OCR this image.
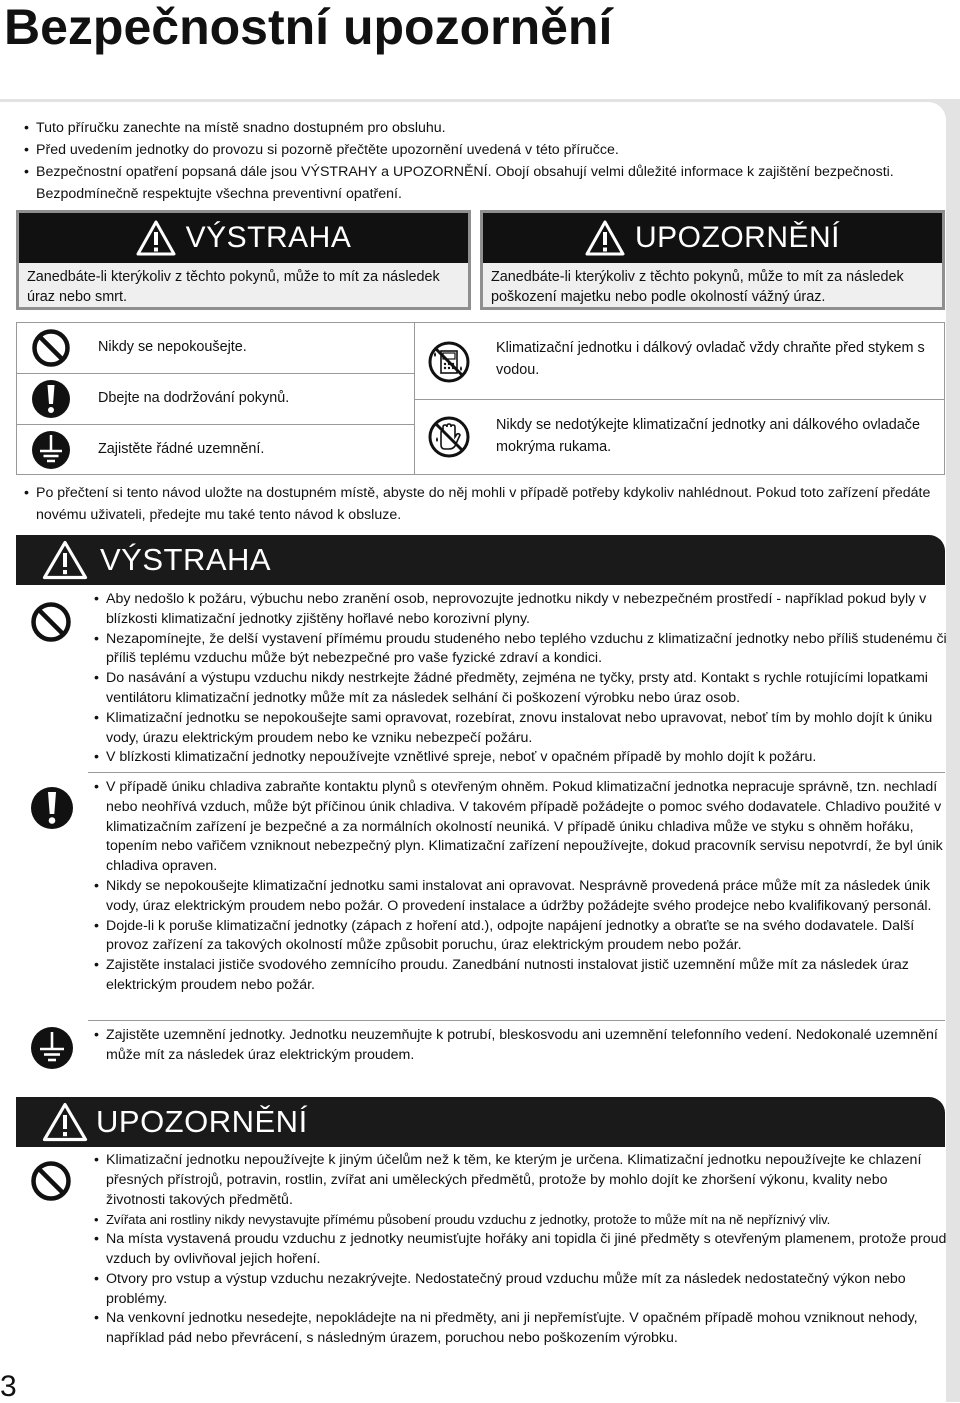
Bezpečnostní upozornění
• Tuto příručku zanechte na místě snadno dostupném pro obsluhu.
• Před uvedením jednotky do provozu si pozorně přečtěte upozornění uvedená v této příručce.
• Bezpečnostní opatření popsaná dále jsou VÝSTRAHY a UPOZORNĚNÍ. Obojí obsahují velmi důležité informace k zajištění bezpečnosti. Bezpodmínečně respektujte všechna preventivní opatření.
VÝSTRAHA
Zanedbáte-li kterýkoliv z těchto pokynů, může to mít za následek úraz nebo smrt.
UPOZORNĚNÍ
Zanedbáte-li kterýkoliv z těchto pokynů, může to mít za následek poškození majetku nebo podle okolností vážný úraz.
Nikdy se nepokoušejte.
Dbejte na dodržování pokynů.
Zajistěte řádné uzemnění.
Klimatizační jednotku i dálkový ovladač vždy chraňte před stykem s vodou.
Nikdy se nedotýkejte klimatizační jednotky ani dálkového ovladače mokrýma rukama.
• Po přečtení si tento návod uložte na dostupném místě, abyste do něj mohli v případě potřeby kdykoliv nahlédnout. Pokud toto zařízení předáte novému uživateli, předejte mu také tento návod k obsluze.
VÝSTRAHA
• Aby nedošlo k požáru, výbuchu nebo zranění osob, neprovozujte jednotku nikdy v nebezpečném prostředí - například pokud byly v blízkosti klimatizační jednotky zjištěny hořlavé nebo korozivní plyny.
• Nezapomínejte, že delší vystavení přímému proudu studeného nebo teplého vzduchu z klimatizační jednotky nebo příliš studenému či příliš teplému vzduchu může být nebezpečné pro vaše fyzické zdraví a kondici.
• Do nasávání a výstupu vzduchu nikdy nestrkejte žádné předměty, zejména ne tyčky, prsty atd. Kontakt s rychle rotujícími lopatkami ventilátoru klimatizační jednotky může mít za následek selhání či poškození výrobku nebo úraz osob.
• Klimatizační jednotku se nepokoušejte sami opravovat, rozebírat, znovu instalovat nebo upravovat, neboť tím by mohlo dojít k úniku vody, úrazu elektrickým proudem nebo ke vzniku nebezpečí požáru.
• V blízkosti klimatizační jednotky nepoužívejte vznětlivé spreje, neboť v opačném případě by mohlo dojít k požáru.
• V případě úniku chladiva zabraňte kontaktu plynů s otevřeným ohněm. Pokud klimatizační jednotka nepracuje správně, tzn. nechladí nebo neohřívá vzduch, může být příčinou únik chladiva. V takovém případě požádejte o pomoc svého dodavatele. Chladivo použité v klimatizačním zařízení je bezpečné a za normálních okolností neuniká. V případě úniku chladiva může ve styku s ohněm hořáku, topením nebo vařičem vzniknout nebezpečný plyn. Klimatizační zařízení nepoužívejte, dokud pracovník servisu nepotvrdí, že byl únik chladiva opraven.
• Nikdy se nepokoušejte klimatizační jednotku sami instalovat ani opravovat. Nesprávně provedená práce může mít za následek únik vody, úraz elektrickým proudem nebo požár. O provedení instalace a údržby požádejte svého prodejce nebo kvalifikovaný personál.
• Dojde-li k poruše klimatizační jednotky (zápach z hoření atd.), odpojte napájení jednotky a obraťte se na svého dodavatele. Další provoz zařízení za takových okolností může způsobit poruchu, úraz elektrickým proudem nebo požár.
• Zajistěte instalaci jističe svodového zemnícího proudu. Zanedbání nutnosti instalovat jistič uzemnění může mít za následek úraz elektrickým proudem nebo požár.
• Zajistěte uzemnění jednotky. Jednotku neuzemňujte k potrubí, bleskosvodu ani uzemnění telefonního vedení. Nedokonalé uzemnění může mít za následek úraz elektrickým proudem.
UPOZORNĚNÍ
• Klimatizační jednotku nepoužívejte k jiným účelům než k těm, ke kterým je určena. Klimatizační jednotku nepoužívejte ke chlazení přesných přístrojů, potravin, rostlin, zvířat ani uměleckých předmětů, protože by mohlo dojít ke zhoršení výkonu, kvality nebo životnosti takových předmětů.
• Zvířata ani rostliny nikdy nevystavujte přímému působení proudu vzduchu z jednotky, protože to může mít na ně nepříznivý vliv.
• Na místa vystavená proudu vzduchu z jednotky neumisťujte hořáky ani topidla či jiné předměty s otevřeným plamenem, protože proud vzduch by ovlivňoval jejich hoření.
• Otvory pro vstup a výstup vzduchu nezakrývejte. Nedostatečný proud vzduchu může mít za následek nedostatečný výkon nebo problémy.
• Na venkovní jednotku nesedejte, nepokládejte na ni předměty, ani ji nepřemísťujte. V opačném případě mohou vzniknout nehody, například pád nebo převrácení, s následným úrazem, poruchou nebo poškozením výrobku.
3
